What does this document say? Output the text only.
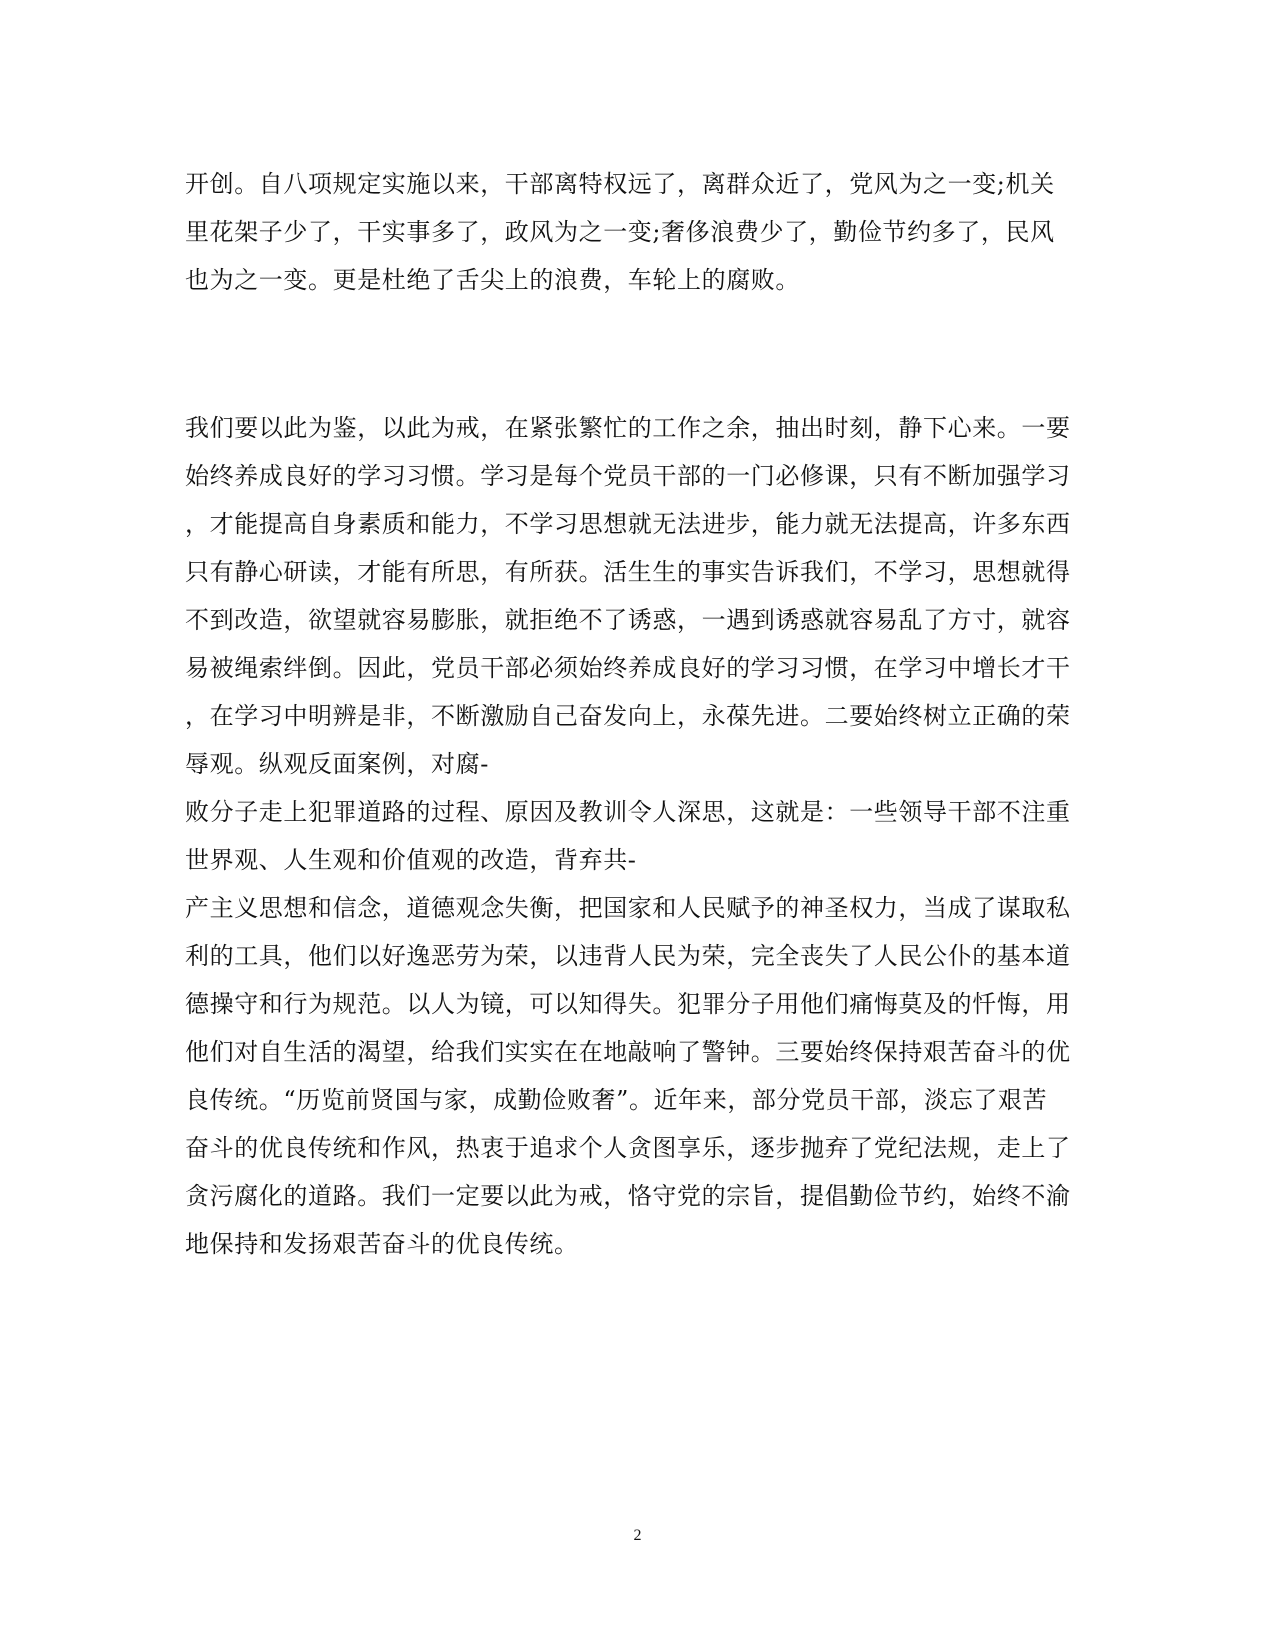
开创。自八项规定实施以来，干部离特权远了，离群众近了，党风为之一变;机关
里花架子少了，干实事多了，政风为之一变;奢侈浪费少了，勤俭节约多了，民风
也为之一变。更是杜绝了舌尖上的浪费，车轮上的腐败。
我们要以此为鉴，以此为戒，在紧张繁忙的工作之余，抽出时刻，静下心来。一要
始终养成良好的学习习惯。学习是每个党员干部的一门必修课，只有不断加强学习
，才能提高自身素质和能力，不学习思想就无法进步，能力就无法提高，许多东西
只有静心研读，才能有所思，有所获。活生生的事实告诉我们，不学习，思想就得
不到改造，欲望就容易膨胀，就拒绝不了诱惑，一遇到诱惑就容易乱了方寸，就容
易被绳索绊倒。因此，党员干部必须始终养成良好的学习习惯，在学习中增长才干
，在学习中明辨是非，不断激励自己奋发向上，永葆先进。二要始终树立正确的荣
辱观。纵观反面案例，对腐-
败分子走上犯罪道路的过程、原因及教训令人深思，这就是：一些领导干部不注重
世界观、人生观和价值观的改造，背弃共-
产主义思想和信念，道德观念失衡，把国家和人民赋予的神圣权力，当成了谋取私
利的工具，他们以好逸恶劳为荣，以违背人民为荣，完全丧失了人民公仆的基本道
德操守和行为规范。以人为镜，可以知得失。犯罪分子用他们痛悔莫及的忏悔，用
他们对自生活的渴望，给我们实实在在地敲响了警钟。三要始终保持艰苦奋斗的优
良传统。“历览前贤国与家，成勤俭败奢”。近年来，部分党员干部，淡忘了艰苦
奋斗的优良传统和作风，热衷于追求个人贪图享乐，逐步抛弃了党纪法规，走上了
贪污腐化的道路。我们一定要以此为戒，恪守党的宗旨，提倡勤俭节约，始终不渝
地保持和发扬艰苦奋斗的优良传统。
2
